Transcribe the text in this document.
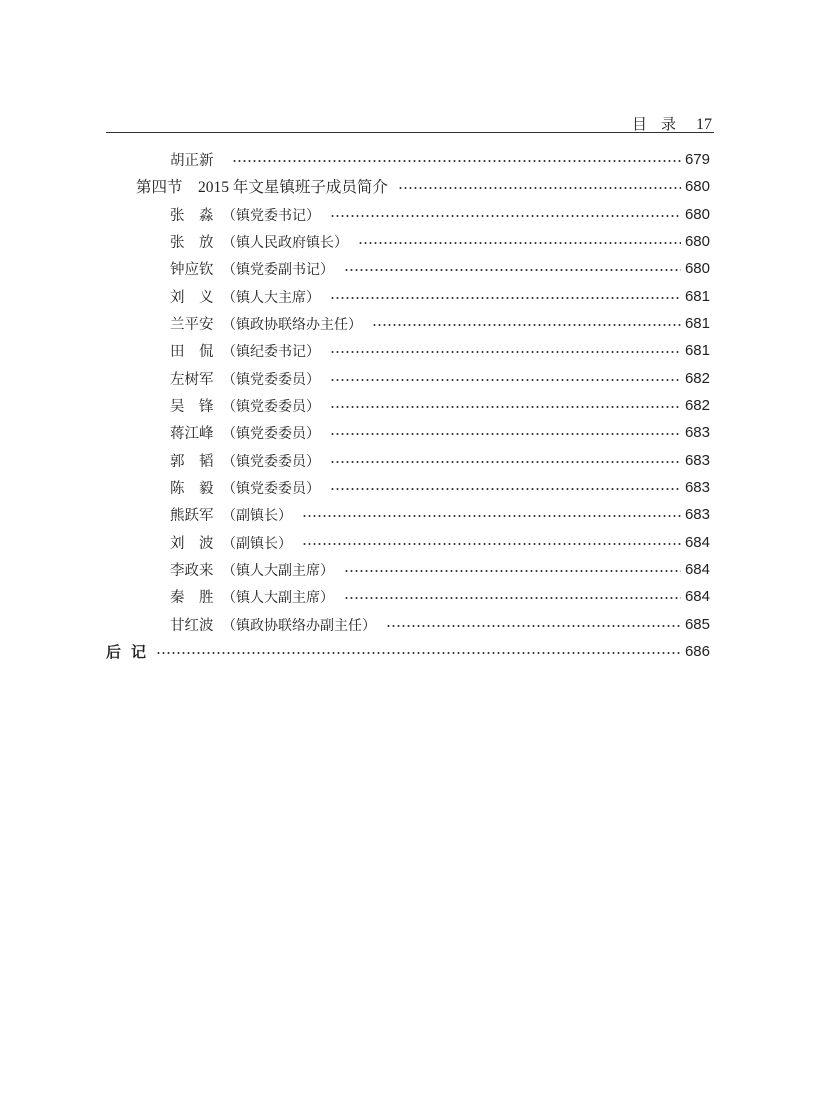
目 录 17
胡正新	679
第四节　2015 年文星镇班子成员简介	680
张　淼 （镇党委书记）	680
张　放 （镇人民政府镇长）	680
钟应钦 （镇党委副书记）	680
刘　义 （镇人大主席）	681
兰平安 （镇政协联络办主任）	681
田　侃 （镇纪委书记）	681
左树军 （镇党委委员）	682
吴　锋 （镇党委委员）	682
蒋江峰 （镇党委委员）	683
郭　韬 （镇党委委员）	683
陈　毅 （镇党委委员）	683
熊跃军 （副镇长）	683
刘　波 （副镇长）	684
李政来 （镇人大副主席）	684
秦　胜 （镇人大副主席）	684
甘红波 （镇政协联络办副主任）	685
后记	686
